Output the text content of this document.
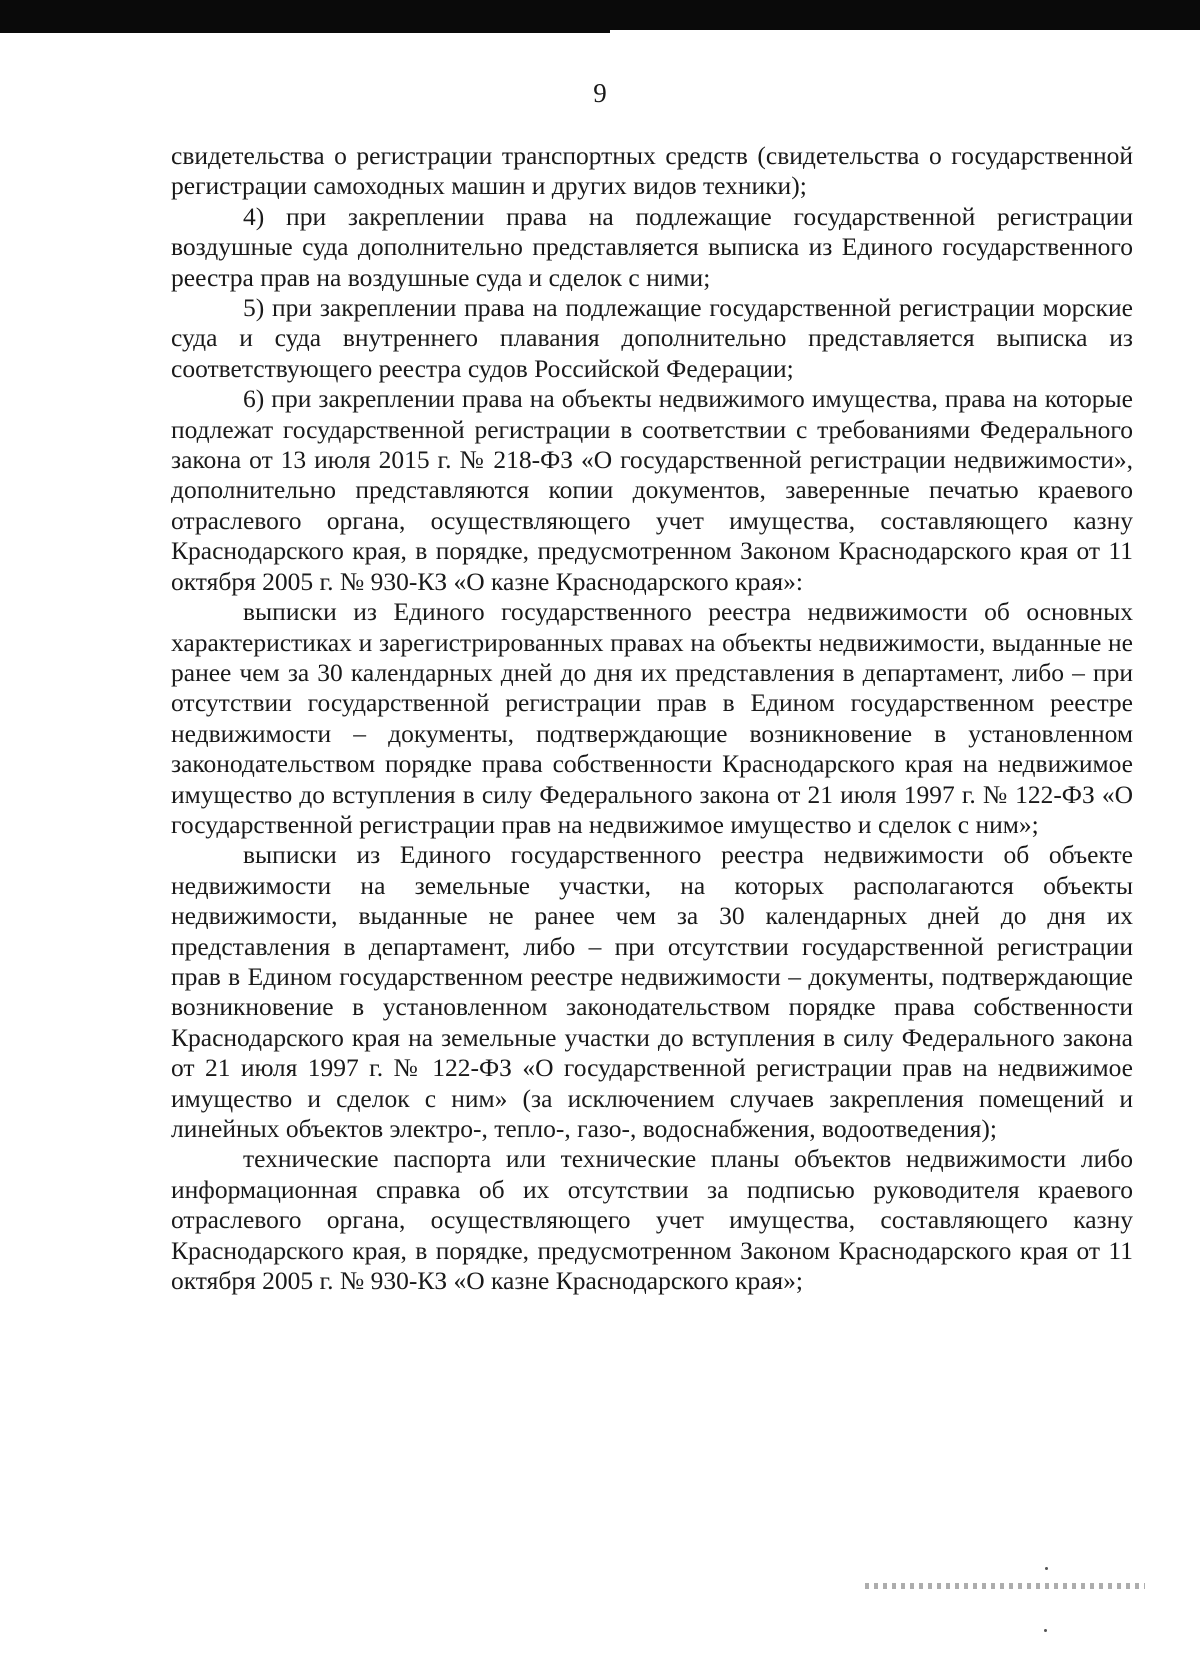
9

свидетельства о регистрации транспортных средств (свидетельства о государственной регистрации самоходных машин и других видов техники);

4) при закреплении права на подлежащие государственной регистрации воздушные суда дополнительно представляется выписка из Единого государственного реестра прав на воздушные суда и сделок с ними;

5) при закреплении права на подлежащие государственной регистрации морские суда и суда внутреннего плавания дополнительно представляется выписка из соответствующего реестра судов Российской Федерации;

6) при закреплении права на объекты недвижимого имущества, права на которые подлежат государственной регистрации в соответствии с требованиями Федерального закона от 13 июля 2015 г. № 218-ФЗ «О государственной регистрации недвижимости», дополнительно представляются копии документов, заверенные печатью краевого отраслевого органа, осуществляющего учет имущества, составляющего казну Краснодарского края, в порядке, предусмотренном Законом Краснодарского края от 11 октября 2005 г. № 930-КЗ «О казне Краснодарского края»:

выписки из Единого государственного реестра недвижимости об основных характеристиках и зарегистрированных правах на объекты недвижимости, выданные не ранее чем за 30 календарных дней до дня их представления в департамент, либо – при отсутствии государственной регистрации прав в Едином государственном реестре недвижимости – документы, подтверждающие возникновение в установленном законодательством порядке права собственности Краснодарского края на недвижимое имущество до вступления в силу Федерального закона от 21 июля 1997 г. № 122-ФЗ «О государственной регистрации прав на недвижимое имущество и сделок с ним»;

выписки из Единого государственного реестра недвижимости об объекте недвижимости на земельные участки, на которых располагаются объекты недвижимости, выданные не ранее чем за 30 календарных дней до дня их представления в департамент, либо – при отсутствии государственной регистрации прав в Едином государственном реестре недвижимости – документы, подтверждающие возникновение в установленном законодательством порядке права собственности Краснодарского края на земельные участки до вступления в силу Федерального закона от 21 июля 1997 г. № 122-ФЗ «О государственной регистрации прав на недвижимое имущество и сделок с ним» (за исключением случаев закрепления помещений и линейных объектов электро-, тепло-, газо-, водоснабжения, водоотведения);

технические паспорта или технические планы объектов недвижимости либо информационная справка об их отсутствии за подписью руководителя краевого отраслевого органа, осуществляющего учет имущества, составляющего казну Краснодарского края, в порядке, предусмотренном Законом Краснодарского края от 11 октября 2005 г. № 930-КЗ «О казне Краснодарского края»;
